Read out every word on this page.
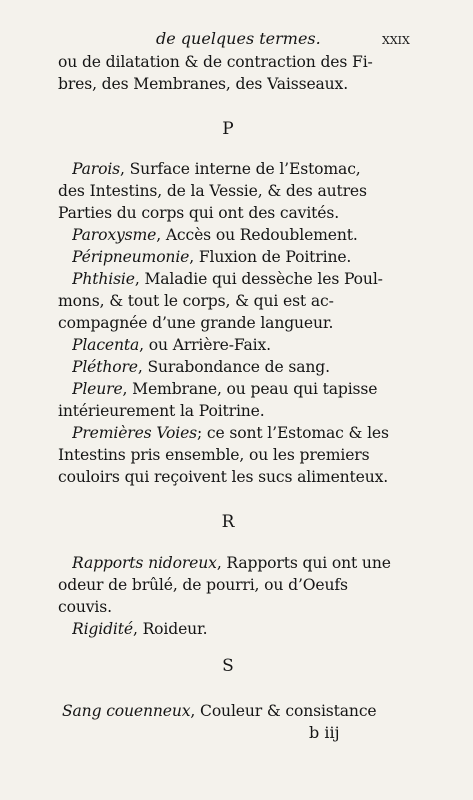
de quelques termes.	xxix
ou de dilatation & de contraction des Fi-
bres, des Membranes, des Vaisseaux.
P
Parois, Surface interne de l’Estomac,
des Intestins, de la Vessie, & des autres
Parties du corps qui ont des cavités.
Paroxysme, Accès ou Redoublement.
Péripneumonie, Fluxion de Poitrine.
Phthisie, Maladie qui dessèche les Poul-
mons, & tout le corps, & qui est ac-
compagnée d’une grande langueur.
Placenta, ou Arrière-Faix.
Pléthore, Surabondance de sang.
Pleure, Membrane, ou peau qui tapisse
intérieurement la Poitrine.
Premières Voies; ce sont l’Estomac & les
Intestins pris ensemble, ou les premiers
couloirs qui reçoivent les sucs alimenteux.
R
Rapports nidoreux, Rapports qui ont une
odeur de brûlé, de pourri, ou d’Oeufs
couvis.
Rigidité, Roideur.
S
Sang couenneux, Couleur & consistance
b iij
